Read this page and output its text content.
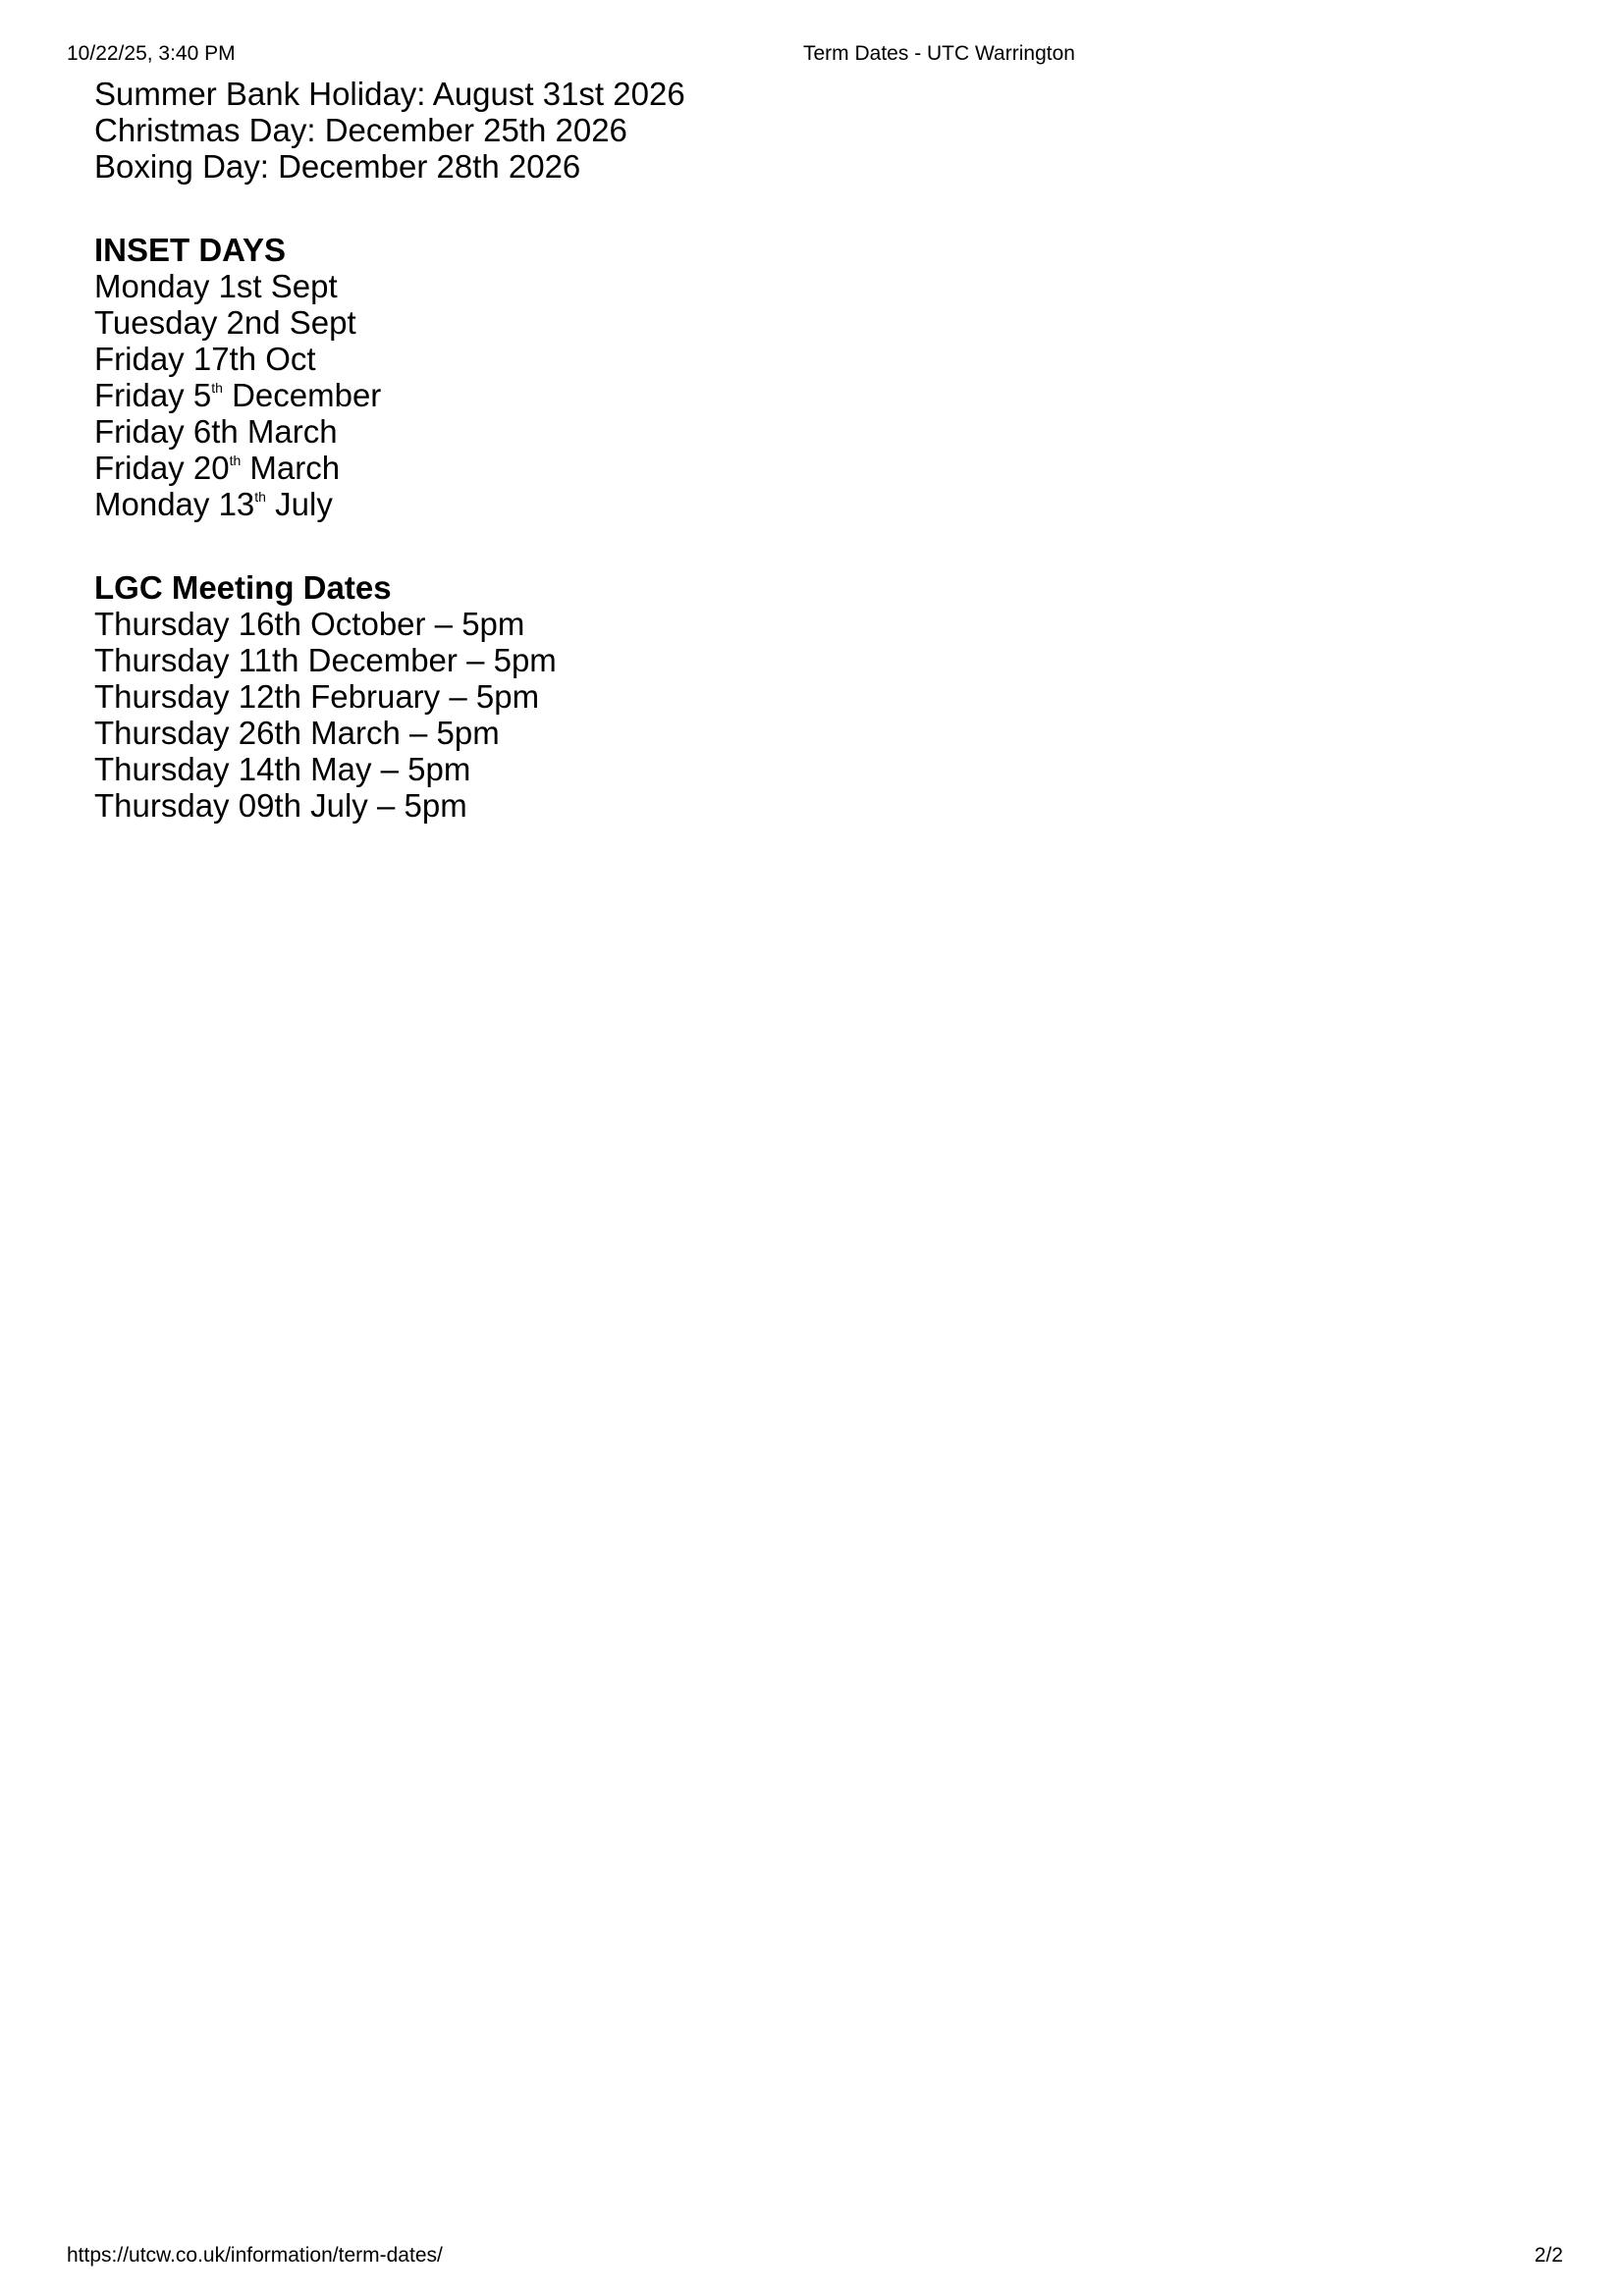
10/22/25, 3:40 PM	Term Dates - UTC Warrington
Summer Bank Holiday: August 31st 2026
Christmas Day: December 25th 2026
Boxing Day: December 28th 2026
INSET DAYS
Monday 1st Sept
Tuesday 2nd Sept
Friday 17th Oct
Friday 5th December
Friday 6th March
Friday 20th March
Monday 13th July
LGC Meeting Dates
Thursday 16th October – 5pm
Thursday 11th December – 5pm
Thursday 12th February – 5pm
Thursday 26th March – 5pm
Thursday 14th May – 5pm
Thursday 09th July – 5pm
https://utcw.co.uk/information/term-dates/	2/2
